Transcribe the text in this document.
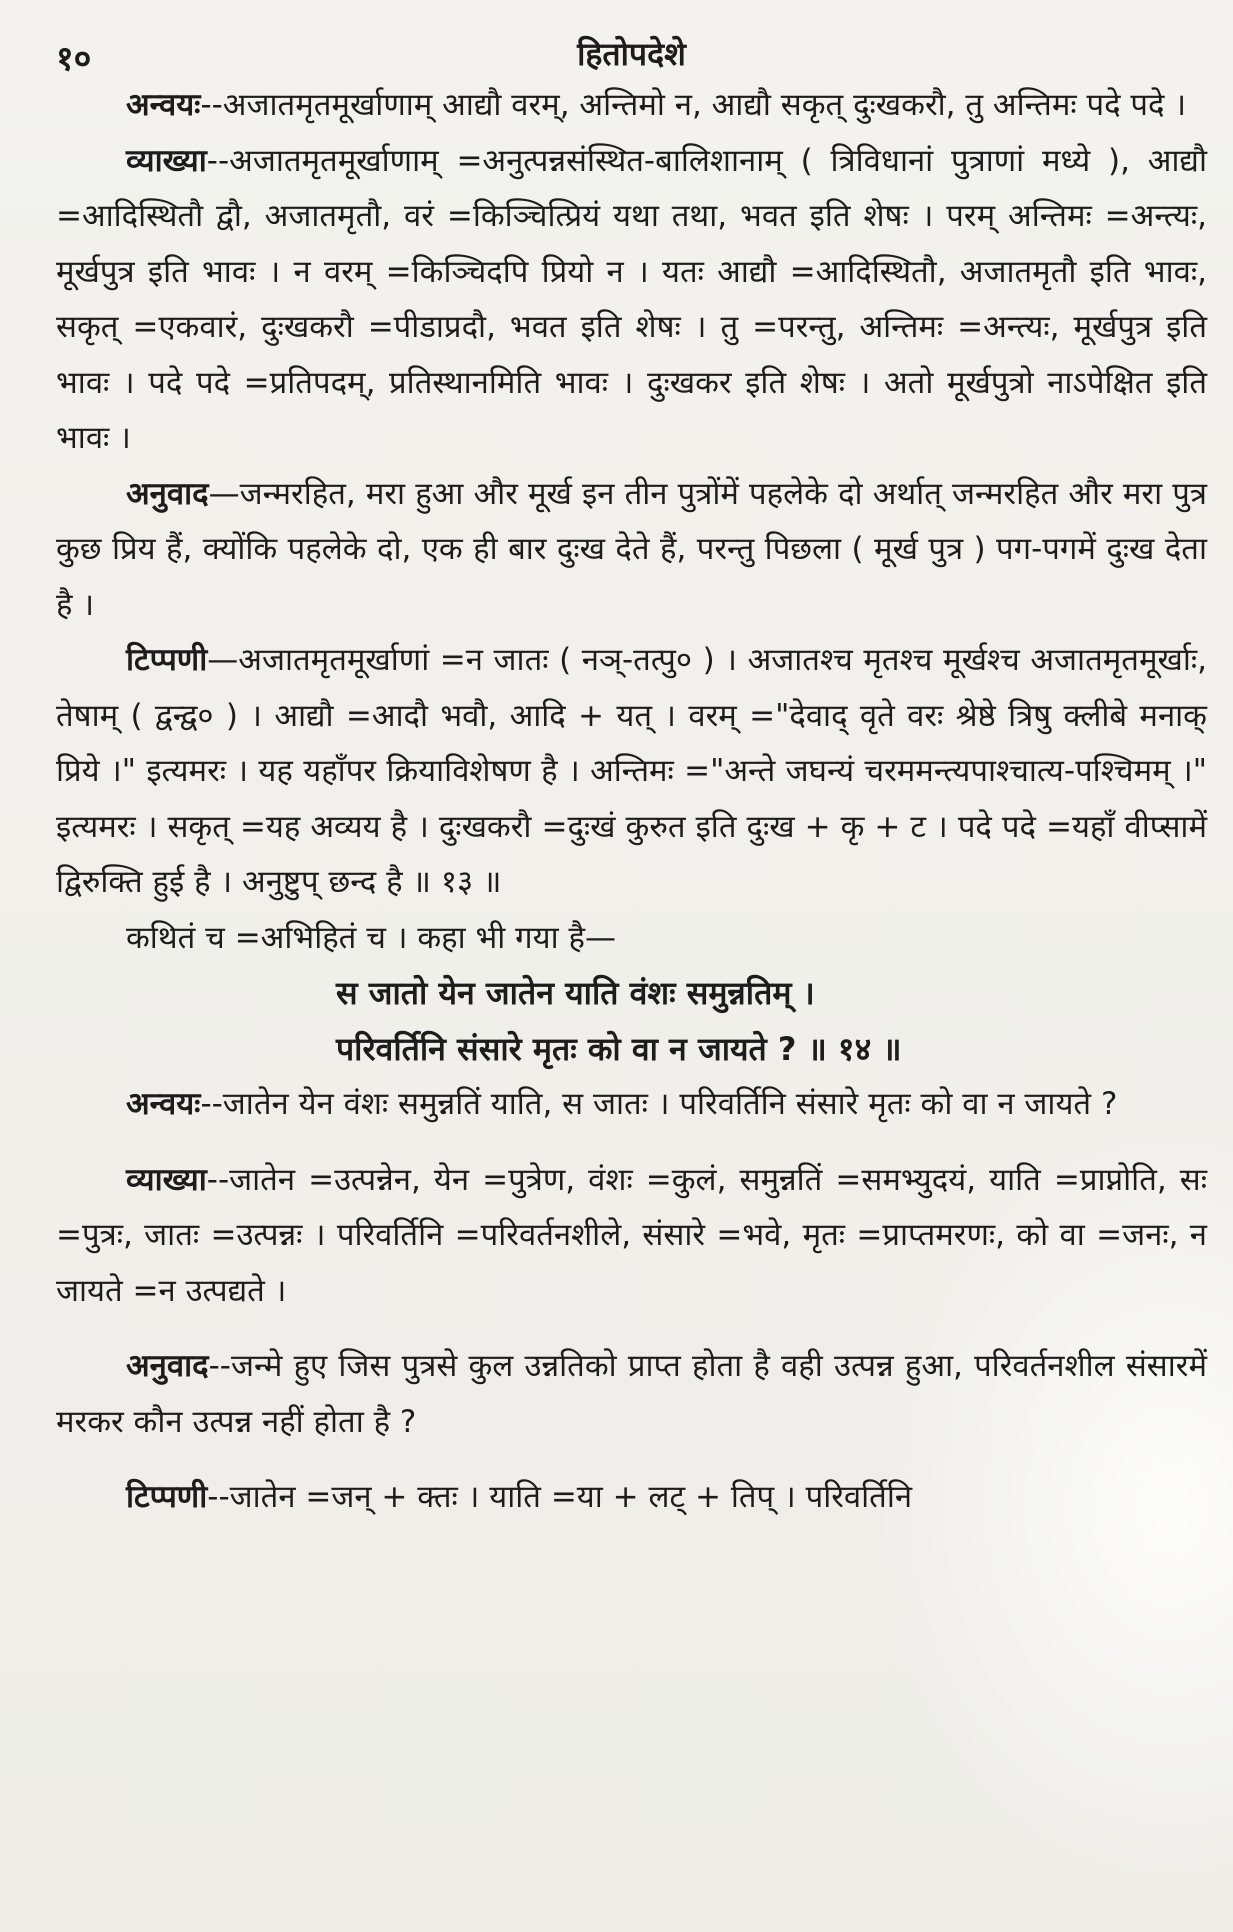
१०	हितोपदेशे

अन्वयः--अजातमृतमूर्खाणाम् आद्यौ वरम्, अन्तिमो न, आद्यौ सकृत् दुःखकरौ, तु अन्तिमः पदे पदे ।

व्याख्या--अजातमृतमूर्खाणाम् =अनुत्पन्नसंस्थित-बालिशानाम् ( त्रिविधानां पुत्राणां मध्ये ), आद्यौ =आदिस्थितौ द्वौ, अजातमृतौ, वरं =किञ्चित्प्रियं यथा तथा, भवत इति शेषः । परम् अन्तिमः =अन्त्यः, मूर्खपुत्र इति भावः । न वरम् =किञ्चिदपि प्रियो न । यतः आद्यौ =आदिस्थितौ, अजातमृतौ इति भावः, सकृत् =एकवारं, दुःखकरौ =पीडाप्रदौ, भवत इति शेषः । तु =परन्तु, अन्तिमः =अन्त्यः, मूर्खपुत्र इति भावः । पदे पदे =प्रतिपदम्, प्रतिस्थानमिति भावः । दुःखकर इति शेषः । अतो मूर्खपुत्रो नाऽपेक्षित इति भावः ।

अनुवाद—जन्मरहित, मरा हुआ और मूर्ख इन तीन पुत्रोंमें पहलेके दो अर्थात् जन्मरहित और मरा पुत्र कुछ प्रिय हैं, क्योंकि पहलेके दो, एक ही बार दुःख देते हैं, परन्तु पिछला ( मूर्ख पुत्र ) पग-पगमें दुःख देता है ।

टिप्पणी—अजातमृतमूर्खाणां =न जातः ( नञ्-तत्पु० ) । अजातश्च मृतश्च मूर्खश्च अजातमृतमूर्खाः, तेषाम् ( द्वन्द्व० ) । आद्यौ =आदौ भवौ, आदि + यत् । वरम् ="देवाद् वृते वरः श्रेष्ठे त्रिषु क्लीबे मनाक् प्रिये ।" इत्यमरः । यह यहाँपर क्रियाविशेषण है । अन्तिमः ="अन्ते जघन्यं चरममन्त्यपाश्चात्य-पश्चिमम् ।" इत्यमरः । सकृत् =यह अव्यय है । दुःखकरौ =दुःखं कुरुत इति दुःख + कृ + ट । पदे पदे =यहाँ वीप्सामें द्विरुक्ति हुई है । अनुष्टुप् छन्द है ॥ १३ ॥

कथितं च =अभिहितं च । कहा भी गया है—

स जातो येन जातेन याति वंशः समुन्नतिम् ।

परिवर्तिनि संसारे मृतः को वा न जायते ? ॥ १४ ॥

अन्वयः--जातेन येन वंशः समुन्नतिं याति, स जातः । परिवर्तिनि संसारे मृतः को वा न जायते ?

व्याख्या--जातेन =उत्पन्नेन, येन =पुत्रेण, वंशः =कुलं, समुन्नतिं =समभ्युदयं, याति =प्राप्नोति, सः =पुत्रः, जातः =उत्पन्नः । परिवर्तिनि =परिवर्तनशीले, संसारे =भवे, मृतः =प्राप्तमरणः, को वा =जनः, न जायते =न उत्पद्यते ।

अनुवाद--जन्मे हुए जिस पुत्रसे कुल उन्नतिको प्राप्त होता है वही उत्पन्न हुआ, परिवर्तनशील संसारमें मरकर कौन उत्पन्न नहीं होता है ?

टिप्पणी--जातेन =जन् + क्तः । याति =या + लट् + तिप् । परिवर्तिनि
